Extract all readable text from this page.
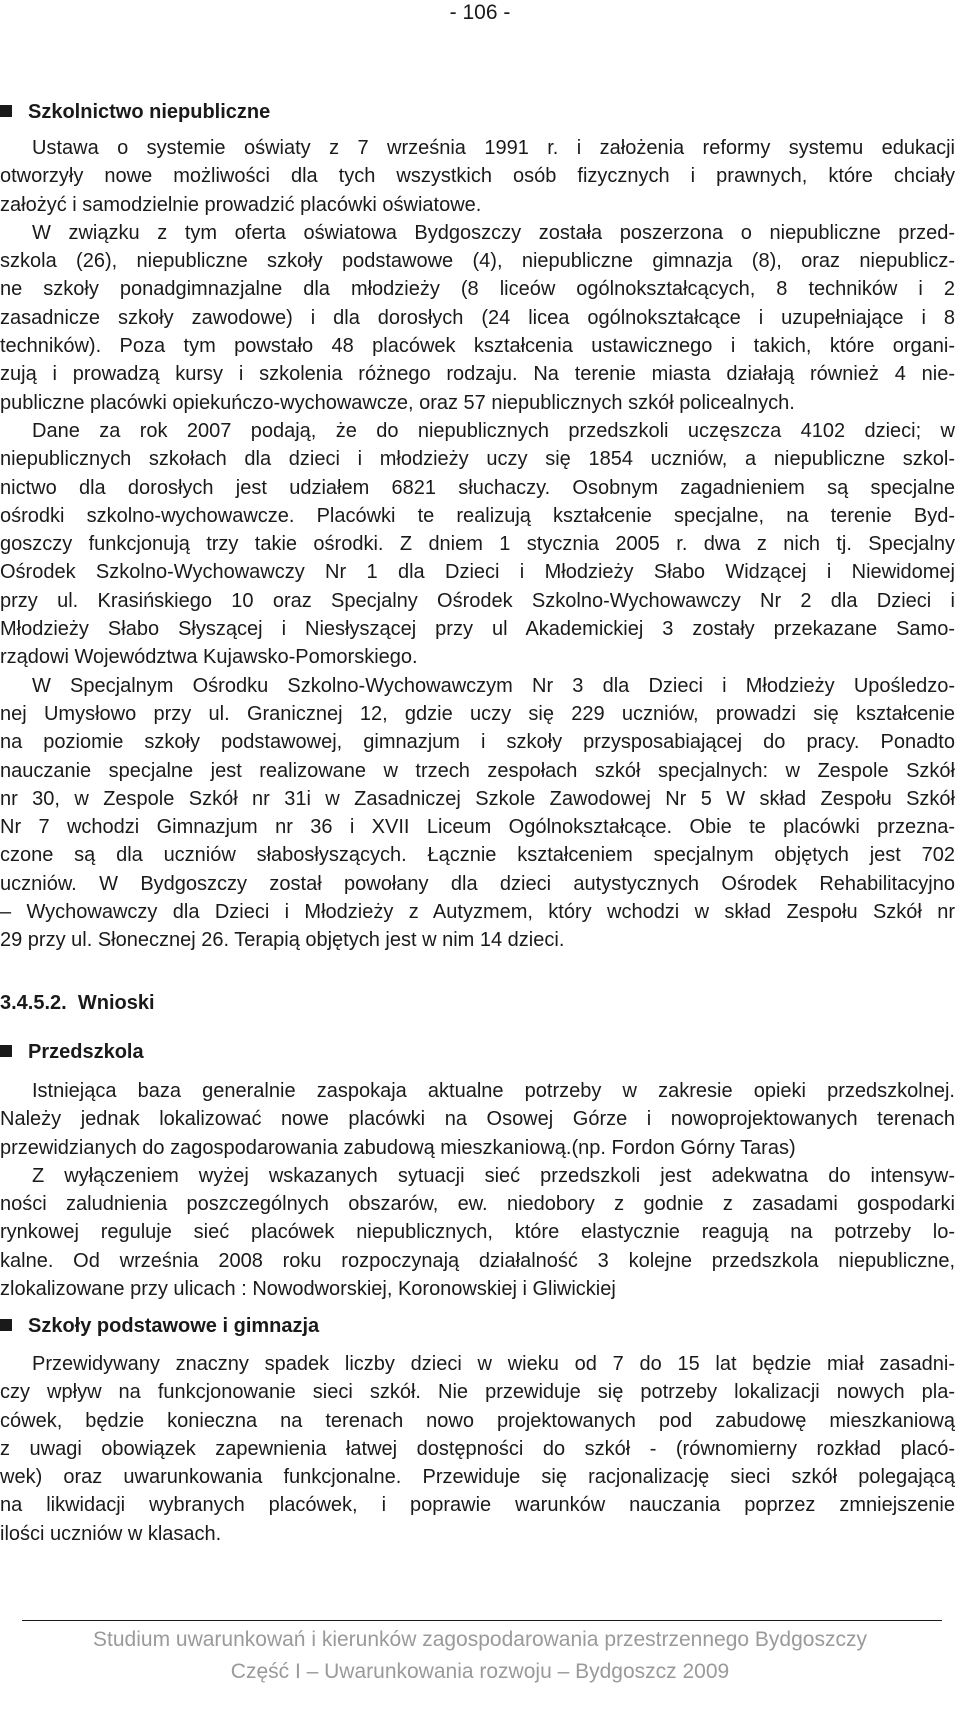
- 106 -
Szkolnictwo niepubliczne
Ustawa o systemie oświaty z 7 września 1991 r. i założenia reformy systemu edukacji
otworzyły nowe możliwości dla tych wszystkich osób fizycznych i prawnych, które chciały
założyć i samodzielnie prowadzić placówki oświatowe.
W związku z tym oferta oświatowa Bydgoszczy została poszerzona o niepubliczne przed-
szkola (26), niepubliczne szkoły podstawowe (4), niepubliczne gimnazja (8), oraz niepublicz-
ne szkoły ponadgimnazjalne dla młodzieży (8 liceów ogólnokształcących, 8 techników i 2
zasadnicze szkoły zawodowe) i dla dorosłych (24 licea ogólnokształcące i uzupełniające i 8
techników). Poza tym powstało 48 placówek kształcenia ustawicznego i takich, które organi-
zują i prowadzą kursy i szkolenia różnego rodzaju. Na terenie miasta działają również 4 nie-
publiczne placówki opiekuńczo-wychowawcze, oraz 57 niepublicznych szkół policealnych.
Dane za rok 2007 podają, że do niepublicznych przedszkoli uczęszcza 4102 dzieci; w
niepublicznych szkołach dla dzieci i młodzieży uczy się 1854 uczniów, a niepubliczne szkol-
nictwo dla dorosłych jest udziałem 6821 słuchaczy. Osobnym zagadnieniem są specjalne
ośrodki szkolno-wychowawcze. Placówki te realizują kształcenie specjalne, na terenie Byd-
goszczy funkcjonują trzy takie ośrodki. Z dniem 1 stycznia 2005 r. dwa z nich tj. Specjalny
Ośrodek Szkolno-Wychowawczy Nr 1 dla Dzieci i Młodzieży Słabo Widzącej i Niewidomej
przy ul. Krasińskiego 10 oraz Specjalny Ośrodek Szkolno-Wychowawczy Nr 2 dla Dzieci i
Młodzieży Słabo Słyszącej i Niesłyszącej przy ul Akademickiej 3 zostały przekazane Samo-
rządowi Województwa Kujawsko-Pomorskiego.
W Specjalnym Ośrodku Szkolno-Wychowawczym Nr 3 dla Dzieci i Młodzieży Upośledzo-
nej Umysłowo przy ul. Granicznej 12, gdzie uczy się 229 uczniów, prowadzi się kształcenie
na poziomie szkoły podstawowej, gimnazjum i szkoły przysposabiającej do pracy. Ponadto
nauczanie specjalne jest realizowane w trzech zespołach szkół specjalnych: w Zespole Szkół
nr 30, w Zespole Szkół nr 31i w Zasadniczej Szkole Zawodowej Nr 5 W skład Zespołu Szkół
Nr 7 wchodzi Gimnazjum nr 36 i XVII Liceum Ogólnokształcące. Obie te placówki przezna-
czone są dla uczniów słabosłyszących. Łącznie kształceniem specjalnym objętych jest 702
uczniów. W Bydgoszczy został powołany dla dzieci autystycznych Ośrodek Rehabilitacyjno
– Wychowawczy dla Dzieci i Młodzieży z Autyzmem, który wchodzi w skład Zespołu Szkół nr
29 przy ul. Słonecznej 26. Terapią objętych jest w nim 14 dzieci.
3.4.5.2. Wnioski
Przedszkola
Istniejąca baza generalnie zaspokaja aktualne potrzeby w zakresie opieki przedszkolnej.
Należy jednak lokalizować nowe placówki na Osowej Górze i nowoprojektowanych terenach
przewidzianych do zagospodarowania zabudową mieszkaniową.(np. Fordon Górny Taras)
Z wyłączeniem wyżej wskazanych sytuacji sieć przedszkoli jest adekwatna do intensyw-
ności zaludnienia poszczególnych obszarów, ew. niedobory z godnie z zasadami gospodarki
rynkowej reguluje sieć placówek niepublicznych, które elastycznie reagują na potrzeby lo-
kalne. Od września 2008 roku rozpoczynają działalność 3 kolejne przedszkola niepubliczne,
zlokalizowane przy ulicach : Nowodworskiej, Koronowskiej i Gliwickiej
Szkoły podstawowe i gimnazja
Przewidywany znaczny spadek liczby dzieci w wieku od 7 do 15 lat będzie miał zasadni-
czy wpływ na funkcjonowanie sieci szkół. Nie przewiduje się potrzeby lokalizacji nowych pla-
cówek, będzie konieczna na terenach nowo projektowanych pod zabudowę mieszkaniową
z uwagi obowiązek zapewnienia łatwej dostępności do szkół - (równomierny rozkład placó-
wek) oraz uwarunkowania funkcjonalne. Przewiduje się racjonalizację sieci szkół polegającą
na likwidacji wybranych placówek, i poprawie warunków nauczania poprzez zmniejszenie
ilości uczniów w klasach.
Studium uwarunkowań i kierunków zagospodarowania przestrzennego Bydgoszczy
Część I – Uwarunkowania rozwoju – Bydgoszcz 2009
